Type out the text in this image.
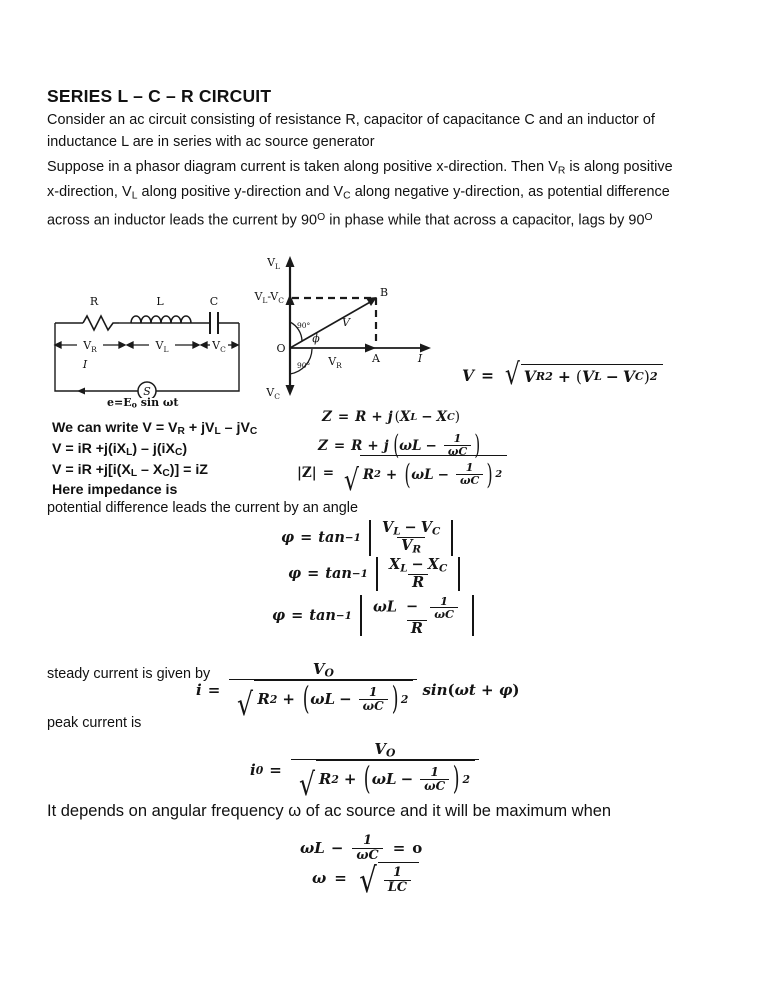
SERIES L – C – R CIRCUIT
Consider an ac circuit consisting of resistance R, capacitor of capacitance C and an inductor of inductance L are in series with ac source generator
Suppose in a phasor diagram current is taken along positive x-direction. Then $V_R$ is along positive x-direction, $V_L$ along positive y-direction and $V_C$ along negative y-direction, as potential difference across an inductor leads the current by $90^O$ in phase while that across a capacitor, lags by $90^O$
R	L	C
$V_R$	$V_L$	$V_C$
I
S
$e=E_o$ sin ωt
$V_L$
$V_C$
I
$V_L-V_C$
O
A
B
V
$V_R$
ϕ
90°
90°	V = √ V R 2 + ( V L − V C ) 2
We can write $V = V_R + jV_L - jV_C$
V = iR $+j(iX_L) - j(iX_C)$
V = iR $+j[i(X_L - X_C)]$ = iZ
Here impedance is
Z = R + j ( X L − X C )
Z = R + j ( $\omega L - \frac{1}{\omega C}$ )
|Z| = √ R 2 + ( $\omega L - \frac{1}{\omega C}$ ) 2
potential difference leads the current by an angle
$\varphi = \tan -1 \frac{V_L - V_C}{V_R}$
$\varphi = \tan -1 \frac{X_L - X_C}{R}$
φ = tan −1
$\omega L - \frac{1}{\omega C}$
R
steady current is given by
i =
$V_O$
√ R 2 + ( $\omega L - \frac{1}{\omega C}$ ) 2
sin(ωt + φ)
peak current is
i 0 =
$V_O$
√ R 2 + ( $\omega L - \frac{1}{\omega C}$ ) 2
It depends on angular frequency ω of ac source and it will be maximum when
$\omega L - \frac{1}{\omega C} = o$
ω = √ $\frac{1}{LC}$
